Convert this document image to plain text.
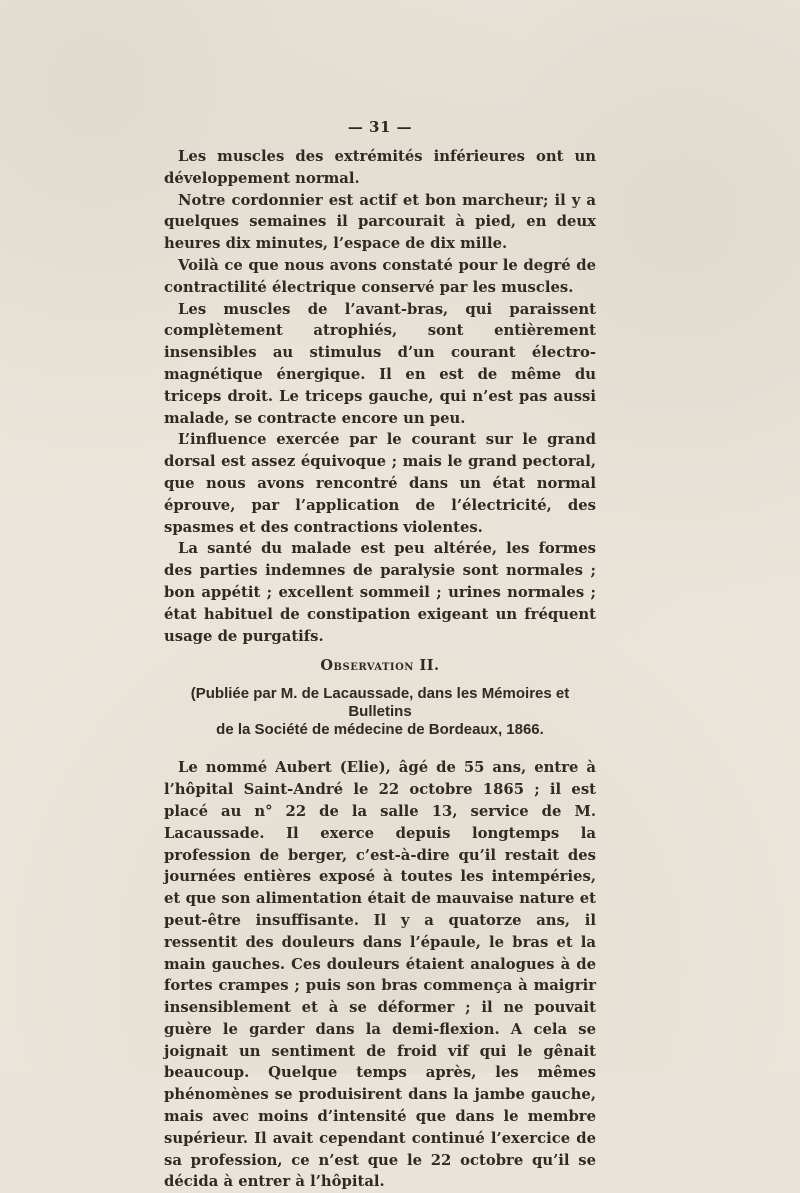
— 31 —

Les muscles des extrémités inférieures ont un développement normal.

Notre cordonnier est actif et bon marcheur; il y a quelques semaines il parcourait à pied, en deux heures dix minutes, l’espace de dix mille.

Voilà ce que nous avons constaté pour le degré de contractilité électrique conservé par les muscles.

Les muscles de l’avant-bras, qui paraissent complètement atrophiés, sont entièrement insensibles au stimulus d’un courant électro-magnétique énergique. Il en est de même du triceps droit. Le triceps gauche, qui n’est pas aussi malade, se contracte encore un peu.

L’influence exercée par le courant sur le grand dorsal est assez équivoque ; mais le grand pectoral, que nous avons rencontré dans un état normal éprouve, par l’application de l’électricité, des spasmes et des contractions violentes.

La santé du malade est peu altérée, les formes des parties indemnes de paralysie sont normales ; bon appétit ; excellent sommeil ; urines normales ; état habituel de constipation exigeant un fréquent usage de purgatifs.

Observation II.

(Publiée par M. de Lacaussade, dans les Mémoires et Bulletins

de la Société de médecine de Bordeaux, 1866.

Le nommé Aubert (Elie), âgé de 55 ans, entre à l’hôpital Saint-André le 22 octobre 1865 ; il est placé au n° 22 de la salle 13, service de M. Lacaussade. Il exerce depuis longtemps la profession de berger, c’est-à-dire qu’il restait des journées entières exposé à toutes les intempéries, et que son alimentation était de mauvaise nature et peut-être insuffisante. Il y a quatorze ans, il ressentit des douleurs dans l’épaule, le bras et la main gauches. Ces douleurs étaient analogues à de fortes crampes ; puis son bras commença à maigrir insensiblement et à se déformer ; il ne pouvait guère le garder dans la demi-flexion. A cela se joignait un sentiment de froid vif qui le gênait beaucoup. Quelque temps après, les mêmes phénomènes se produisirent dans la jambe gauche, mais avec moins d’intensité que dans le membre supérieur. Il avait cependant continué l’exercice de sa profession, ce n’est que le 22 octobre qu’il se décida à entrer à l’hôpital.
